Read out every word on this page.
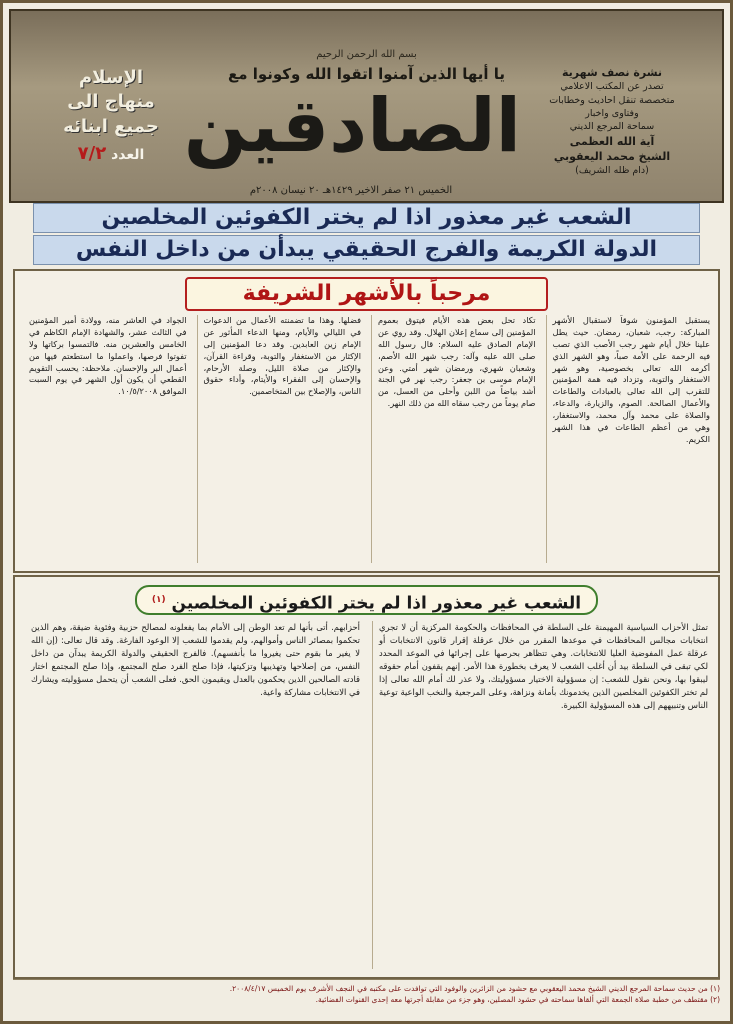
بسم الله الرحمن الرحيم
يا أيها الذين آمنوا اتقوا الله وكونوا مع
الصادقين
الإسلام
منهاج الى
جميع ابنائه
العدد ٧/٢
نشرة نصف شهرية
تصدر عن المكتب الاعلامي
متخصصة تنقل احاديث وخطابات
وفتاوى واخبار
سماحة المرجع الديني
آية الله العظمى
الشيخ محمد اليعقوبي
(دام ظله الشريف)
الخميس ٢١ صفر الاخير ١٤٢٩هـ ٢٠ نيسان ٢٠٠٨م
الشعب غير معذور اذا لم يختر الكفوئين المخلصين
الدولة الكريمة والفرج الحقيقي يبدأن من داخل النفس
مرحباً بالأشهر الشريفة
يستقبل المؤمنون شوقاً لاستقبال الأشهر المباركة: رجب، شعبان، رمضان. حيث يطل علينا خلال أيام شهر رجب الأصب الذي تصب فيه الرحمة على الأمة صباً، وهو الشهر الذي أكرمه الله تعالى بخصوصية، وهو شهر الاستغفار والتوبة، وتزداد فيه همة المؤمنين للتقرب إلى الله تعالى بالعبادات والطاعات والأعمال الصالحة. الصوم، والزيارة، والدعاء، والصلاة على محمد وآل محمد، والاستغفار، وهي من أعظم الطاعات في هذا الشهر الكريم.
تكاد تحل بعض هذه الأيام فيتوق بعموم المؤمنين إلى سماع إعلان الهلال. وقد روي عن الإمام الصادق عليه السلام: قال رسول الله صلى الله عليه وآله: رجب شهر الله الأصم، وشعبان شهري، ورمضان شهر أمتي. وعن الإمام موسى بن جعفر: رجب نهر في الجنة أشد بياضاً من اللبن وأحلى من العسل، من صام يوماً من رجب سقاه الله من ذلك النهر.
فضلها. وهذا ما تضمنته الأعمال من الدعوات في الليالي والأيام، ومنها الدعاء المأثور عن الإمام زين العابدين. وقد دعا المؤمنين إلى الإكثار من الاستغفار والتوبة، وقراءة القرآن، والإكثار من صلاة الليل، وصلة الأرحام، والإحسان إلى الفقراء والأيتام، وأداء حقوق الناس، والإصلاح بين المتخاصمين.
الجواد في العاشر منه، وولادة أمير المؤمنين في الثالث عشر، والشهادة الإمام الكاظم في الخامس والعشرين منه. فالتمسوا بركاتها ولا تفوتوا فرصها، واعملوا ما استطعتم فيها من أعمال البر والإحسان. ملاحظة: يحسب التقويم القطعي أن يكون أول الشهر في يوم السبت الموافق ١٠/٥/٢٠٠٨.
الشعب غير معذور اذا لم يختر الكفوئين المخلصين $^{(١)}$
تمثل الأحزاب السياسية المهيمنة على السلطة في المحافظات والحكومة المركزية أن لا تجري انتخابات مجالس المحافظات في موعدها المقرر من خلال عرقلة إقرار قانون الانتخابات أو عرقلة عمل المفوضية العليا للانتخابات. وهي تتظاهر بحرصها على إجرائها في الموعد المحدد لكي تبقى في السلطة بيد أن أغلب الشعب لا يعرف بخطورة هذا الأمر. إنهم يقفون أمام حقوقه ليبقوا بها، ونحن نقول للشعب: إن مسؤولية الاختيار مسؤوليتك، ولا عذر لك أمام الله تعالى إذا لم تختر الكفوئين المخلصين الذين يخدمونك بأمانة ونزاهة، وعلى المرجعية والنخب الواعية توعية الناس وتنبيههم إلى هذه المسؤولية الكبيرة.
أحزابهم. أتى بأنها لم تعد الوطن إلى الأمام بما يفعلونه لمصالح حزبية وفئوية ضيقة، وهم الذين تحكموا بمصائر الناس وأموالهم، ولم يقدموا للشعب إلا الوعود الفارغة. وقد قال تعالى: (إن الله لا يغير ما بقوم حتى يغيروا ما بأنفسهم). فالفرج الحقيقي والدولة الكريمة يبدآن من داخل النفس، من إصلاحها وتهذيبها وتزكيتها، فإذا صلح الفرد صلح المجتمع، وإذا صلح المجتمع اختار قادته الصالحين الذين يحكمون بالعدل ويقيمون الحق. فعلى الشعب أن يتحمل مسؤوليته ويشارك في الانتخابات مشاركة واعية.
(١) من حديث سماحة المرجع الديني الشيخ محمد اليعقوبي مع حشود من الزائرين والوفود التي توافدت على مكتبه في النجف الأشرف يوم الخميس ٢٠٠٨/٤/١٧.
(٢) مقتطف من خطبة صلاة الجمعة التي ألقاها سماحته في حشود المصلين، وهو جزء من مقابلة أجرتها معه إحدى القنوات الفضائية.
